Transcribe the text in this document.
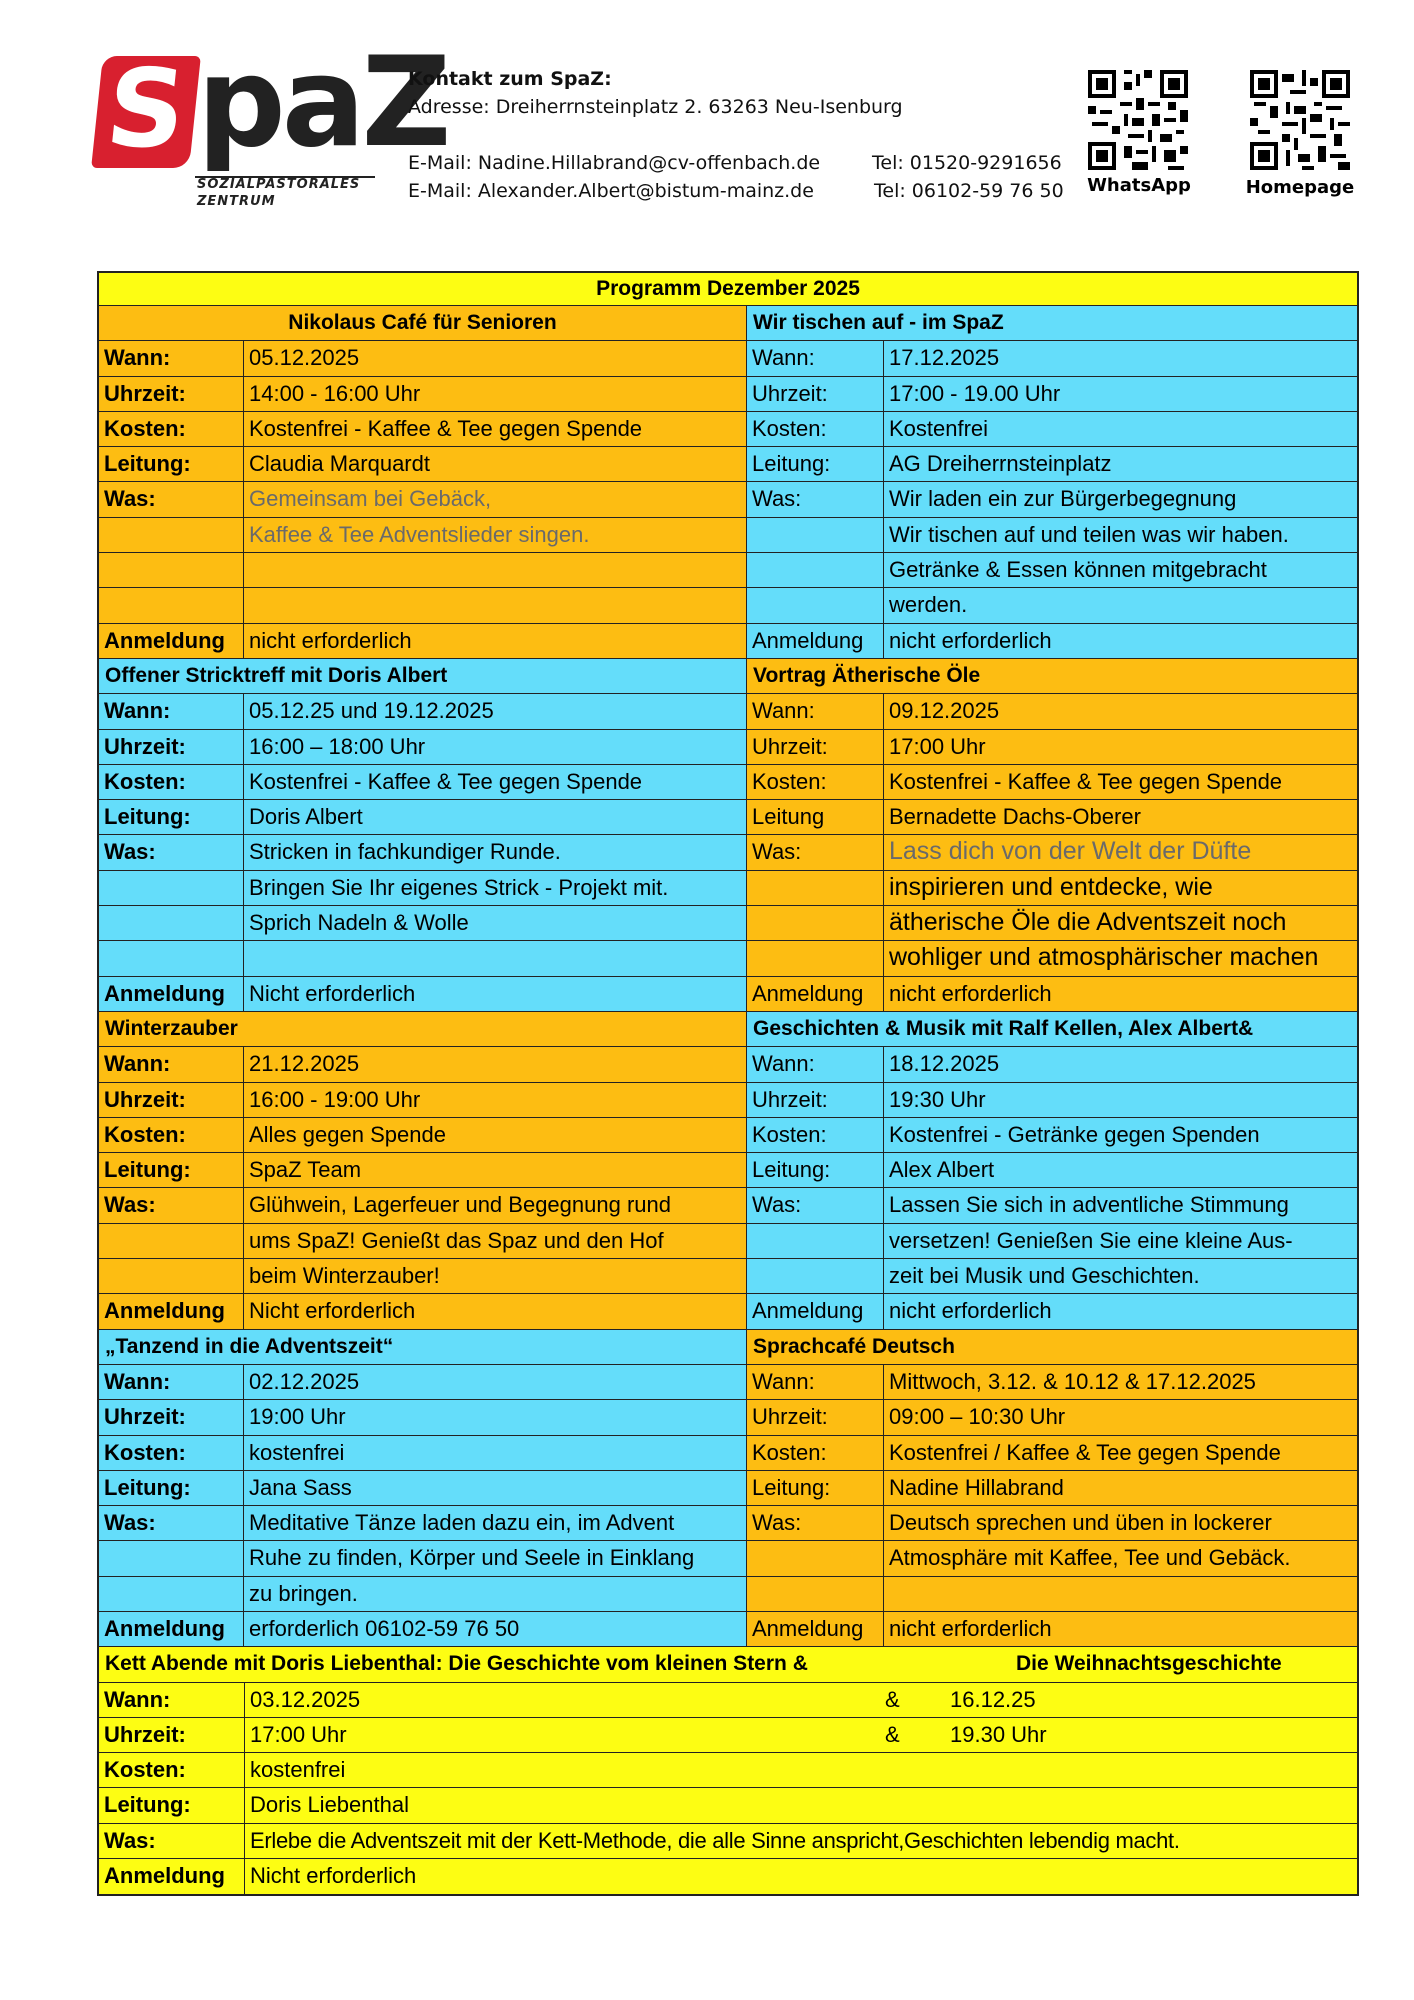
S paZ
SOZIALPASTORALES
ZENTRUM
Kontakt zum SpaZ:
Adresse: Dreiherrnsteinplatz 2. 63263 Neu-Isenburg
E-Mail: Nadine.Hillabrand@cv-offenbach.de	Tel: 01520-9291656
E-Mail: Alexander.Albert@bistum-mainz.de	Tel: 06102-59 76 50 WhatsApp	Homepage
Programm Dezember 2025
Nikolaus Café für Senioren
Wann:	05.12.2025
Uhrzeit:	14:00 - 16:00 Uhr
Kosten:	Kostenfrei - Kaffee & Tee gegen Spende
Leitung:	Claudia Marquardt
Was:	Gemeinsam bei Gebäck,
Kaffee & Tee Adventslieder singen.
Anmeldung	nicht erforderlich
Wir tischen auf - im SpaZ
Wann:	17.12.2025
Uhrzeit:	17:00 - 19.00 Uhr
Kosten:	Kostenfrei
Leitung:	AG Dreiherrnsteinplatz
Was:	Wir laden ein zur Bürgerbegegnung
Wir tischen auf und teilen was wir haben.
Getränke & Essen können mitgebracht
werden.
Anmeldung	nicht erforderlich
Offener Stricktreff mit Doris Albert
Wann:	05.12.25 und 19.12.2025
Uhrzeit:	16:00 – 18:00 Uhr
Kosten:	Kostenfrei - Kaffee & Tee gegen Spende
Leitung:	Doris Albert
Was:	Stricken in fachkundiger Runde.
Bringen Sie Ihr eigenes Strick - Projekt mit.
Sprich Nadeln & Wolle
Anmeldung	Nicht erforderlich
Vortrag Ätherische Öle
Wann:	09.12.2025
Uhrzeit:	17:00 Uhr
Kosten:	Kostenfrei - Kaffee & Tee gegen Spende
Leitung	Bernadette Dachs-Oberer
Was:	Lass dich von der Welt der Düfte
inspirieren und entdecke, wie
ätherische Öle die Adventszeit noch
wohliger und atmosphärischer machen
Anmeldung	nicht erforderlich
Winterzauber
Wann:	21.12.2025
Uhrzeit:	16:00 - 19:00 Uhr
Kosten:	Alles gegen Spende
Leitung:	SpaZ Team
Was:	Glühwein, Lagerfeuer und Begegnung rund
ums SpaZ! Genießt das Spaz und den Hof
beim Winterzauber!
Anmeldung	Nicht erforderlich
Geschichten & Musik mit Ralf Kellen, Alex Albert&
Wann:	18.12.2025
Uhrzeit:	19:30 Uhr
Kosten:	Kostenfrei - Getränke gegen Spenden
Leitung:	Alex Albert
Was:	Lassen Sie sich in adventliche Stimmung
versetzen! Genießen Sie eine kleine Aus-
zeit bei Musik und Geschichten.
Anmeldung	nicht erforderlich
„Tanzend in die Adventszeit“
Wann:	02.12.2025
Uhrzeit:	19:00 Uhr
Kosten:	kostenfrei
Leitung:	Jana Sass
Was:	Meditative Tänze laden dazu ein, im Advent
Ruhe zu finden, Körper und Seele in Einklang
zu bringen.
Anmeldung	erforderlich 06102-59 76 50
Sprachcafé Deutsch
Wann:	Mittwoch, 3.12. & 10.12 & 17.12.2025
Uhrzeit:	09:00 – 10:30 Uhr
Kosten:	Kostenfrei / Kaffee & Tee gegen Spende
Leitung:	Nadine Hillabrand
Was:	Deutsch sprechen und üben in lockerer
Atmosphäre mit Kaffee, Tee und Gebäck.
Anmeldung	nicht erforderlich
Kett Abende mit Doris Liebenthal: Die Geschichte vom kleinen Stern &	Die Weihnachtsgeschichte
Wann:	03.12.2025	& 16.12.25
Uhrzeit:	17:00 Uhr	& 19.30 Uhr
Kosten:	kostenfrei
Leitung:	Doris Liebenthal
Was:	Erlebe die Adventszeit mit der Kett-Methode, die alle Sinne anspricht,Geschichten lebendig macht.
Anmeldung	Nicht erforderlich
